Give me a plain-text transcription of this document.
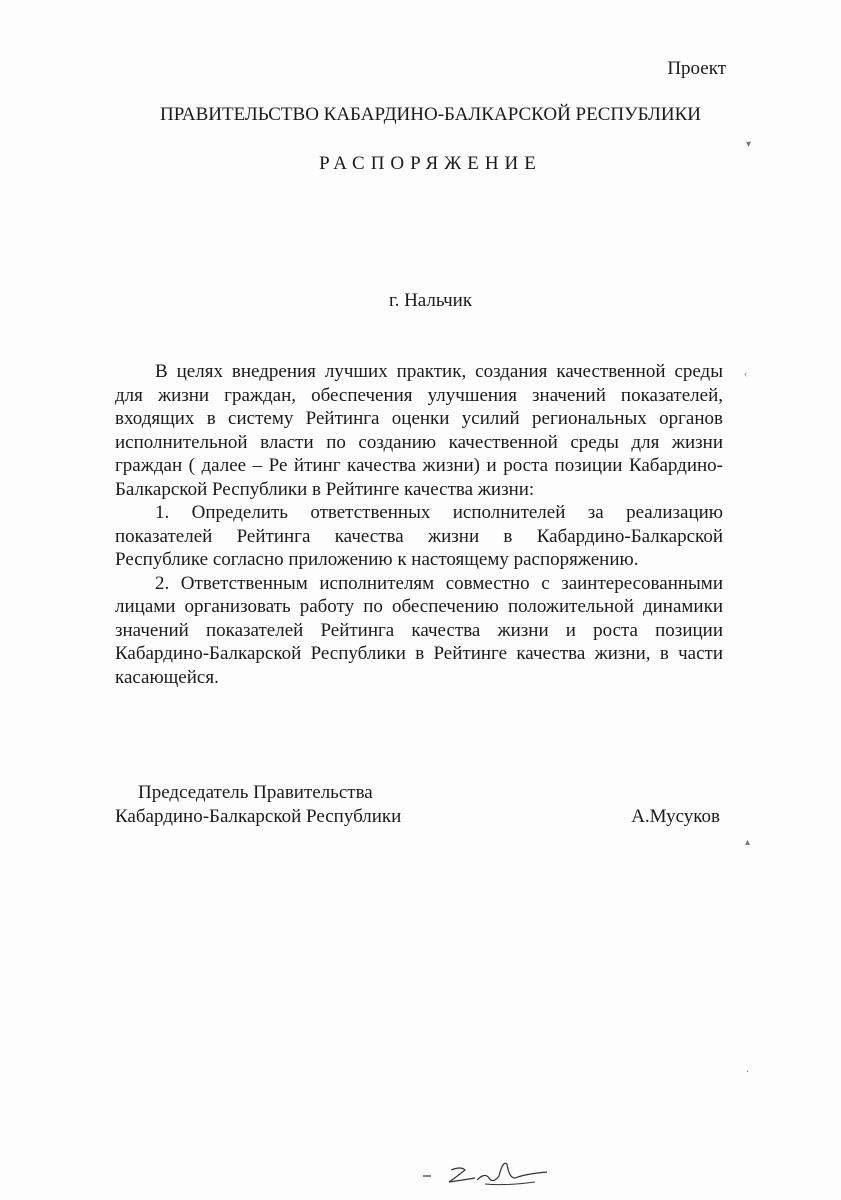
Проект
ПРАВИТЕЛЬСТВО КАБАРДИНО-БАЛКАРСКОЙ РЕСПУБЛИКИ
РАСПОРЯЖЕНИЕ
г. Нальчик

В целях внедрения лучших практик, создания качественной среды для жизни граждан, обеспечения улучшения значений показателей, входящих в систему Рейтинга оценки усилий региональных органов исполнительной власти по созданию качественной среды для жизни граждан ( далее – Ре йтинг качества жизни) и роста позиции Кабардино-Балкарской Республики в Рейтинге качества жизни:

1. Определить ответственных исполнителей за реализацию показателей Рейтинга качества жизни в Кабардино-Балкарской Республике согласно приложению к настоящему распоряжению.

2. Ответственным исполнителям совместно с заинтересованными лицами организовать работу по обеспечению положительной динамики значений показателей Рейтинга качества жизни и роста позиции Кабардино-Балкарской Республики в Рейтинге качества жизни, в части касающейся.

Председатель Правительства
Кабардино-Балкарской Республики	А.Мусуков
▾
‹
▴
·
